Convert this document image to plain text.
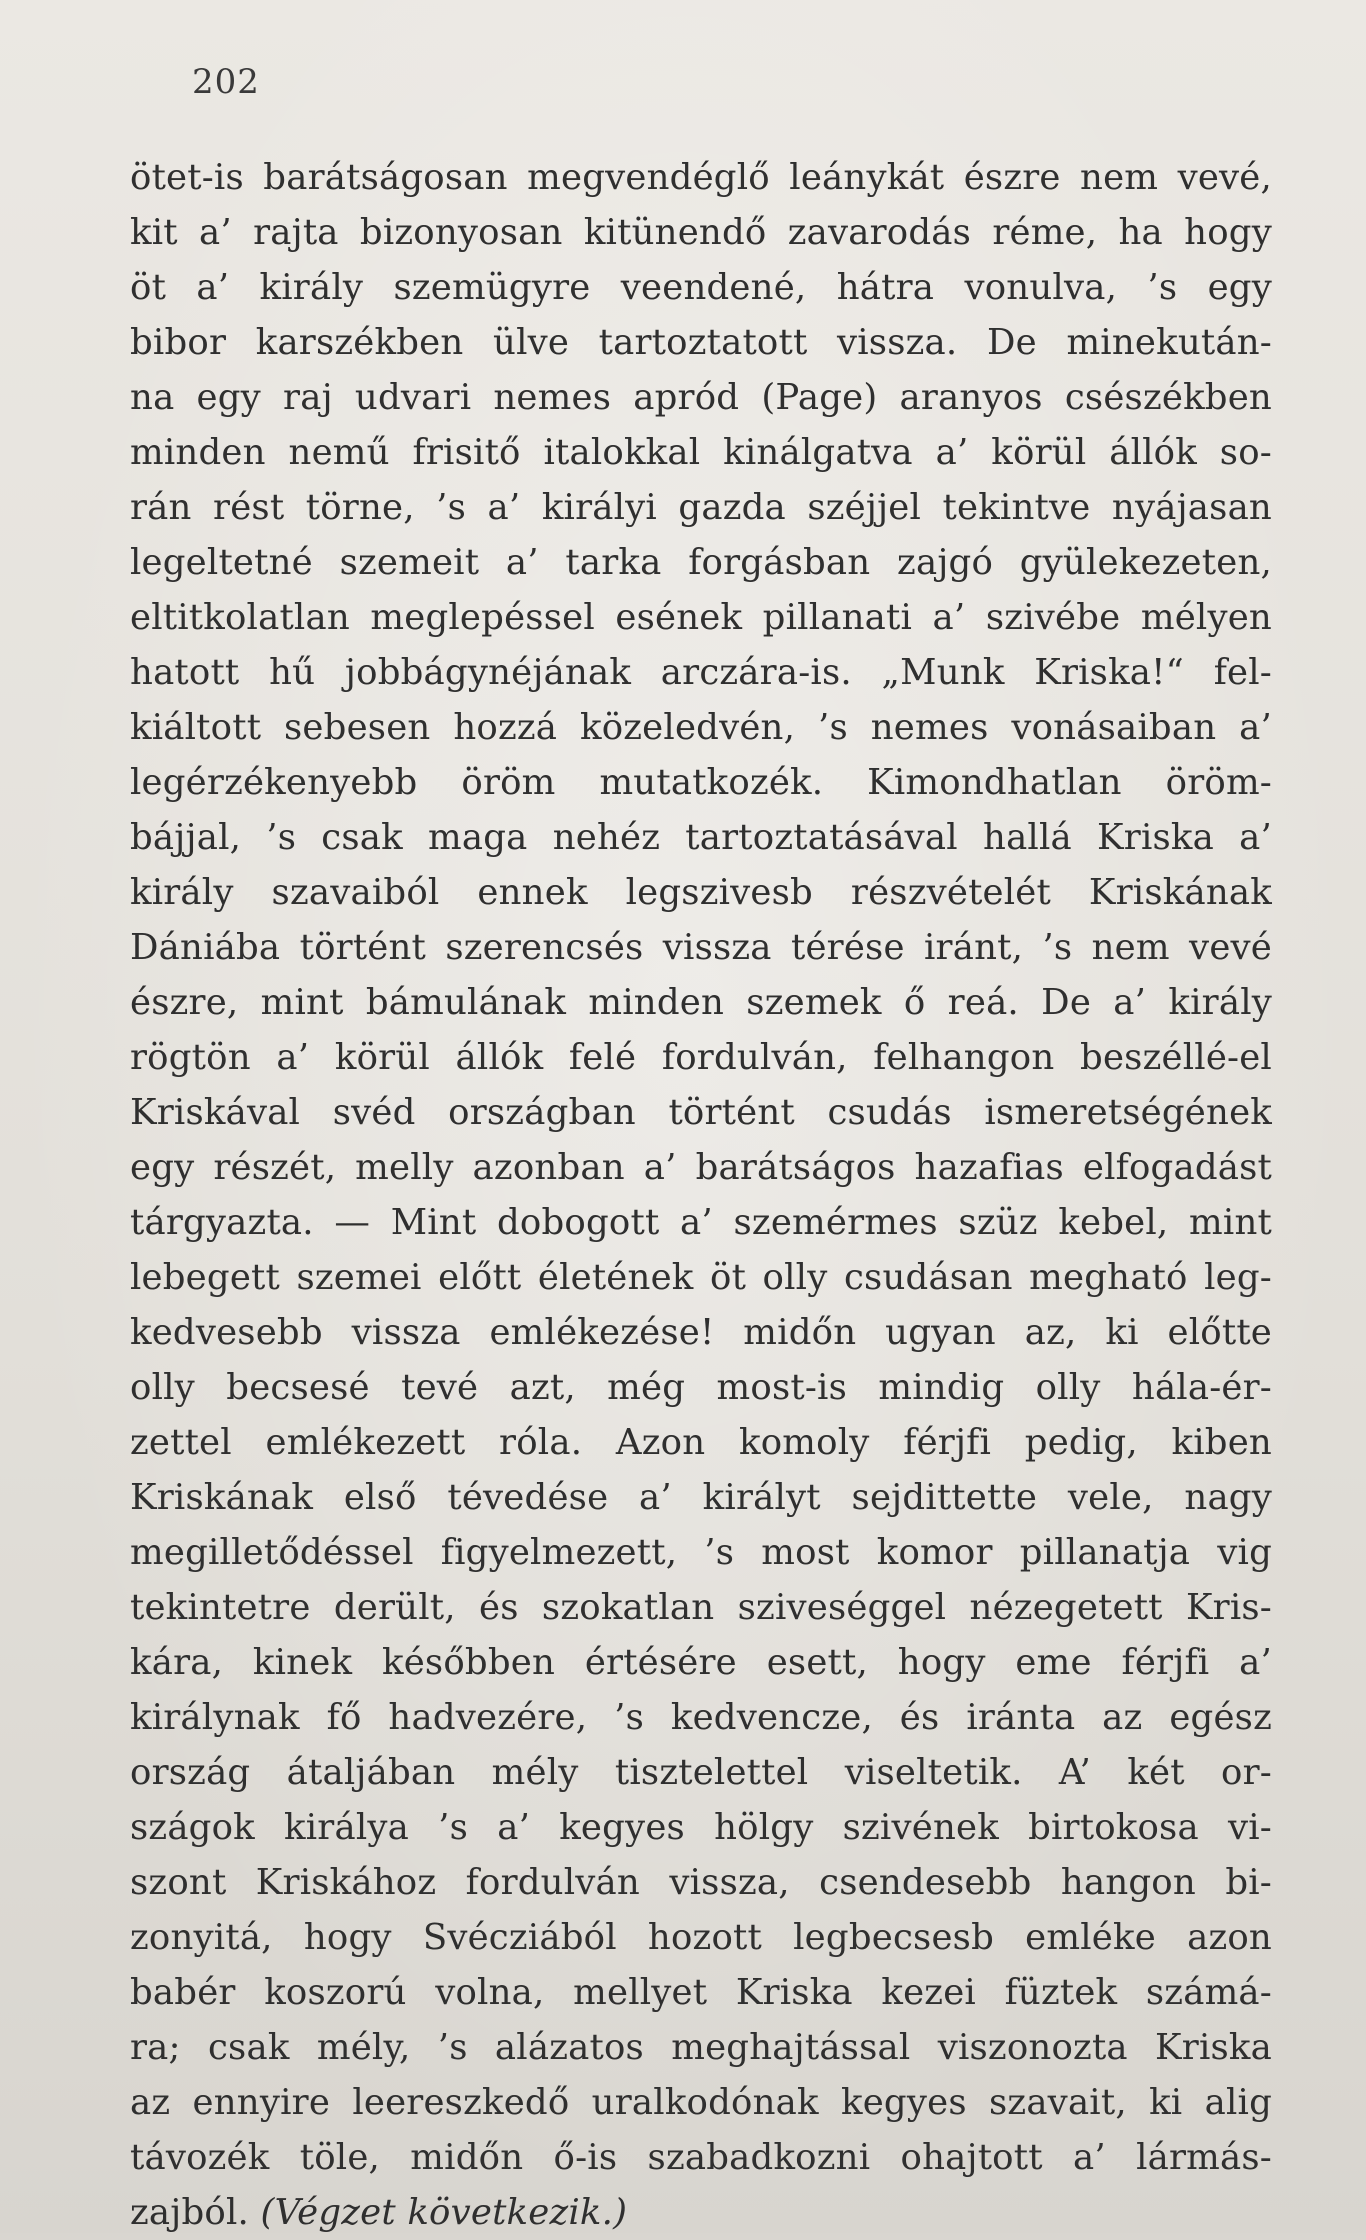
202
ötet-is barátságosan megvendéglő leánykát észre nem vevé,
kit a’ rajta bizonyosan kitünendő zavarodás réme, ha hogy
öt a’ király szemügyre veendené, hátra vonulva, ’s egy
bibor karszékben ülve tartoztatott vissza. De minekután-
na egy raj udvari nemes apród (Page) aranyos csészékben
minden nemű frisitő italokkal kinálgatva a’ körül állók so-
rán rést törne, ’s a’ királyi gazda széjjel tekintve nyájasan
legeltetné szemeit a’ tarka forgásban zajgó gyülekezeten,
eltitkolatlan meglepéssel esének pillanati a’ szivébe mélyen
hatott hű jobbágynéjának arczára-is. „Munk Kriska!“ fel-
kiáltott sebesen hozzá közeledvén, ’s nemes vonásaiban a’
legérzékenyebb öröm mutatkozék. Kimondhatlan öröm-
bájjal, ’s csak maga nehéz tartoztatásával hallá Kriska a’
király szavaiból ennek legszivesb részvételét Kriskának
Dániába történt szerencsés vissza térése iránt, ’s nem vevé
észre, mint bámulának minden szemek ő reá. De a’ király
rögtön a’ körül állók felé fordulván, felhangon beszéllé-el
Kriskával svéd országban történt csudás ismeretségének
egy részét, melly azonban a’ barátságos hazafias elfogadást
tárgyazta. — Mint dobogott a’ szemérmes szüz kebel, mint
lebegett szemei előtt életének öt olly csudásan megható leg-
kedvesebb vissza emlékezése! midőn ugyan az, ki előtte
olly becsesé tevé azt, még most-is mindig olly hála-ér-
zettel emlékezett róla. Azon komoly férjfi pedig, kiben
Kriskának első tévedése a’ királyt sejdittette vele, nagy
megilletődéssel figyelmezett, ’s most komor pillanatja vig
tekintetre derült, és szokatlan sziveséggel nézegetett Kris-
kára, kinek későbben értésére esett, hogy eme férjfi a’
királynak fő hadvezére, ’s kedvencze, és irántа az egész
ország átaljában mély tisztelettel viseltetik. A’ két or-
szágok királya ’s a’ kegyes hölgy szivének birtokosa vi-
szont Kriskához fordulván vissza, csendesebb hangon bi-
zonyitá, hogy Svécziából hozott legbecsesb emléke azon
babér koszorú volna, mellyet Kriska kezei füztek számá-
ra; csak mély, ’s alázatos meghajtással viszonozta Kriska
az ennyire leereszkedő uralkodónak kegyes szavait, ki alig
távozék töle, midőn ő-is szabadkozni ohajtott a’ lármás-
zajból. (Végzet következik.)
